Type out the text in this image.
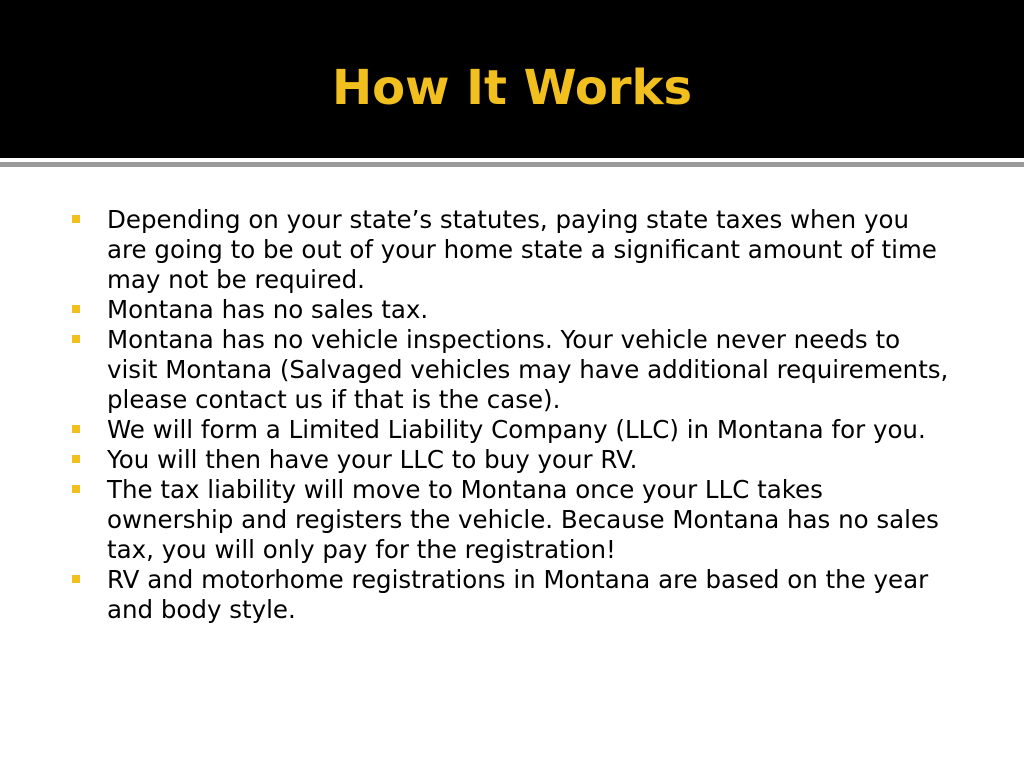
How It Works
Depending on your state’s statutes, paying state taxes when you are going to be out of your home state a significant amount of time may not be required.
Montana has no sales tax.
Montana has no vehicle inspections. Your vehicle never needs to visit Montana (Salvaged vehicles may have additional requirements, please contact us if that is the case).
We will form a Limited Liability Company (LLC) in Montana for you.
You will then have your LLC to buy your RV.
The tax liability will move to Montana once your LLC takes ownership and registers the vehicle. Because Montana has no sales tax, you will only pay for the registration!
RV and motorhome registrations in Montana are based on the year and body style.
